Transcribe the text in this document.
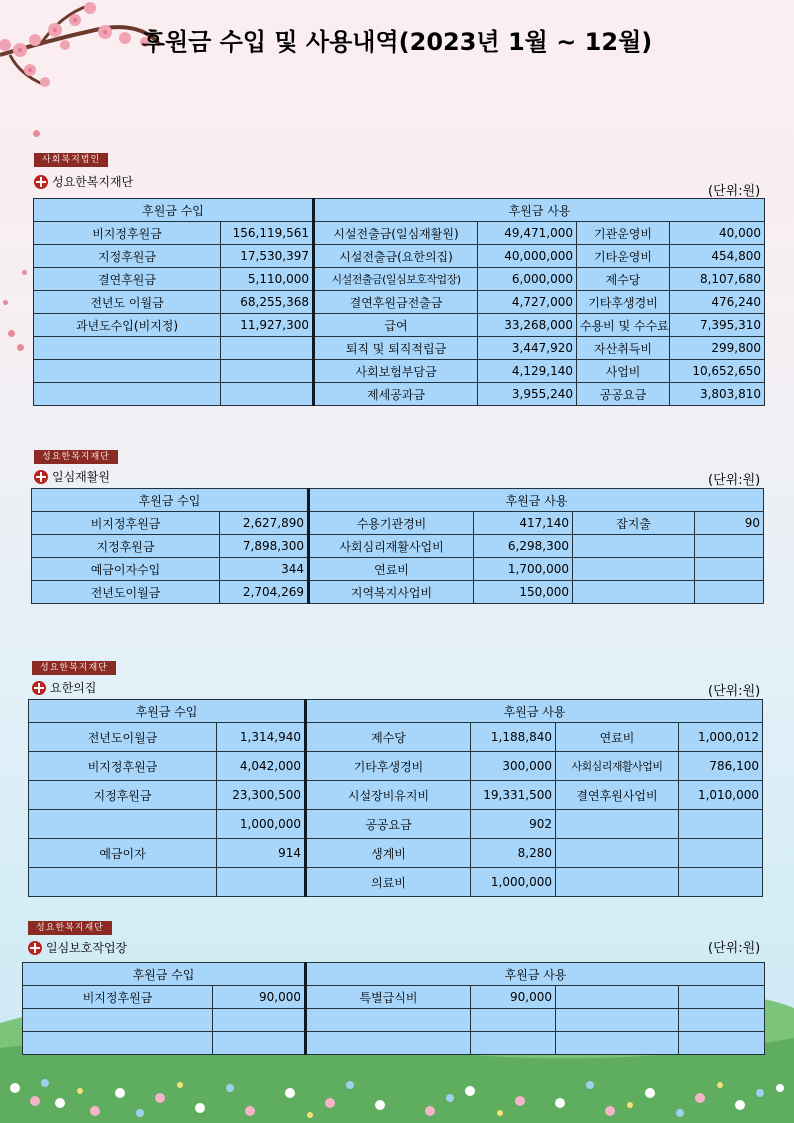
후원금 수입 및 사용내역(2023년 1월 ~ 12월)
사회복지법인
성요한복지재단
(단위:원)
후원금 수입		후원금 사용			
비지정후원금	156,119,561	시설전출금(일심재활원)	49,471,000	기관운영비	40,000
지정후원금	17,530,397	시설전출금(요한의집)	40,000,000	기타운영비	454,800
결연후원금	5,110,000	시설전출금(일심보호작업장)	6,000,000	제수당	8,107,680
전년도 이월금	68,255,368	결연후원금전출금	4,727,000	기타후생경비	476,240
과년도수입(비지정)	11,927,300	급여	33,268,000	수용비 및 수수료	7,395,310
		퇴직 및 퇴직적립금	3,447,920	자산취득비	299,800
		사회보험부담금	4,129,140	사업비	10,652,650
		제세공과금	3,955,240	공공요금	3,803,810
성요한복지재단
일심재활원	(단위:원)
후원금 수입		후원금 사용			
비지정후원금	2,627,890	수용기관경비	417,140	잡지출	90
지정후원금	7,898,300	사회심리재활사업비	6,298,300		
예금이자수입	344	연료비	1,700,000		
전년도이월금	2,704,269	지역복지사업비	150,000		
성요한복지재단
요한의집	(단위:원)
후원금 수입		후원금 사용			
전년도이월금	1,314,940	제수당	1,188,840	연료비	1,000,012
비지정후원금	4,042,000	기타후생경비	300,000	사회심리재활사업비	786,100
지정후원금	23,300,500	시설장비유지비	19,331,500	결연후원사업비	1,010,000
	1,000,000	공공요금	902		
예금이자	914	생계비	8,280		
		의료비	1,000,000		
성요한복지재단
일심보호작업장	(단위:원)
후원금 수입		후원금 사용			
비지정후원금	90,000	특별급식비	90,000		
